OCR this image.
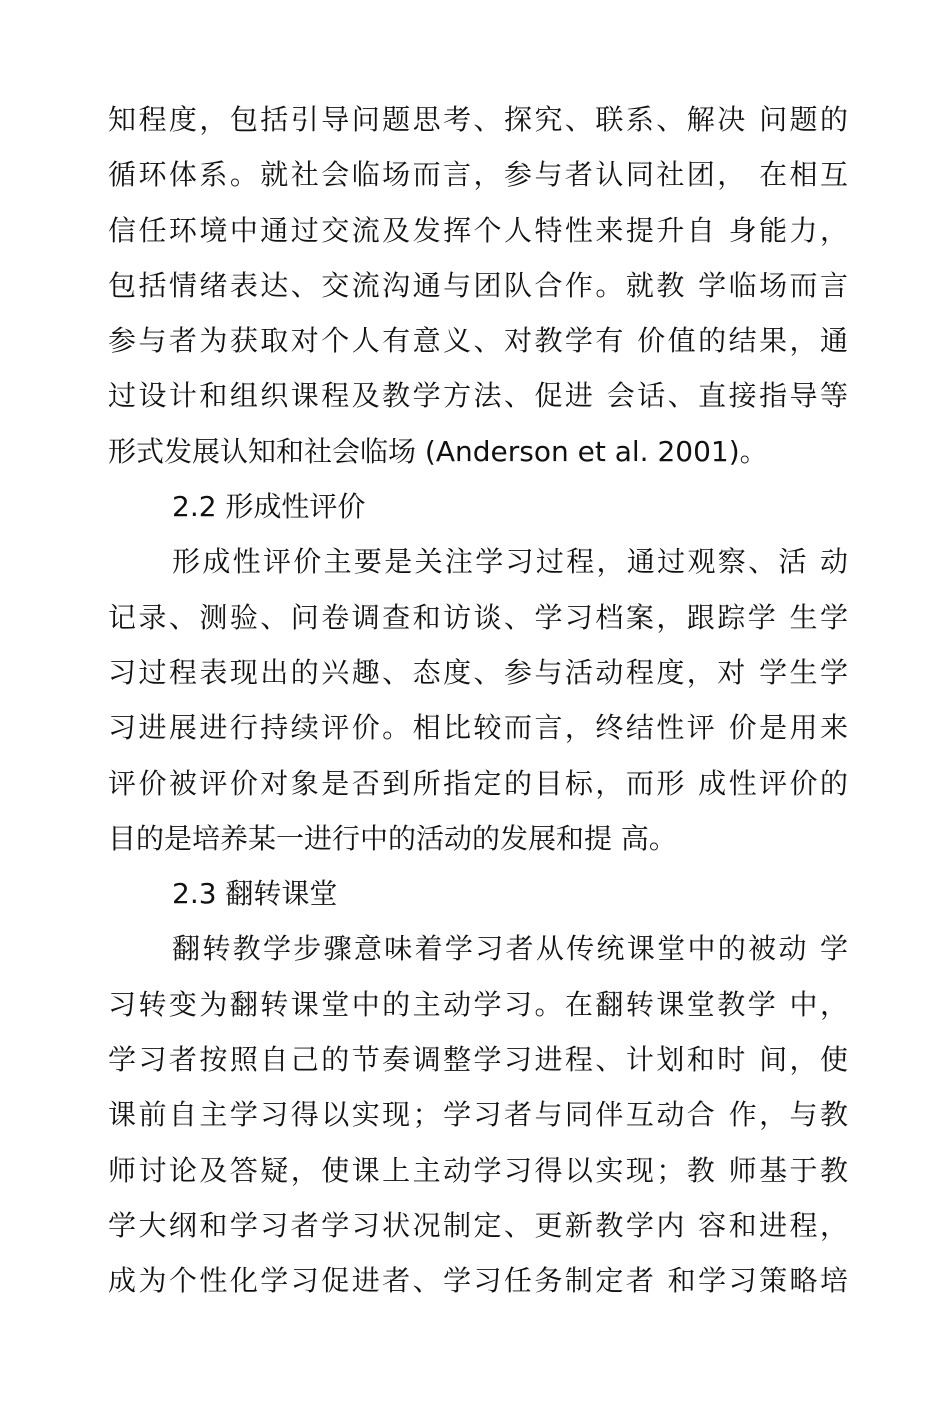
知程度，包括引导问题思考、探究、联系、解决 问题的
循环体系。就社会临场而言，参与者认同社团， 在相互
信任环境中通过交流及发挥个人特性来提升自 身能力，
包括情绪表达、交流沟通与团队合作。就教 学临场而言
参与者为获取对个人有意义、对教学有 价值的结果，通
过设计和组织课程及教学方法、促进 会话、直接指导等
形式发展认知和社会临场 (Anderson et al. 2001)。
2.2 形成性评价
形成性评价主要是关注学习过程，通过观察、活 动
记录、测验、问卷调查和访谈、学习档案，跟踪学 生学
习过程表现出的兴趣、态度、参与活动程度，对 学生学
习进展进行持续评价。相比较而言，终结性评 价是用来
评价被评价对象是否到所指定的目标，而形 成性评价的
目的是培养某一进行中的活动的发展和提 高。
2.3 翻转课堂
翻转教学步骤意味着学习者从传统课堂中的被动 学
习转变为翻转课堂中的主动学习。在翻转课堂教学 中，
学习者按照自己的节奏调整学习进程、计划和时 间，使
课前自主学习得以实现；学习者与同伴互动合 作，与教
师讨论及答疑，使课上主动学习得以实现；教 师基于教
学大纲和学习者学习状况制定、更新教学内 容和进程，
成为个性化学习促进者、学习任务制定者 和学习策略培
